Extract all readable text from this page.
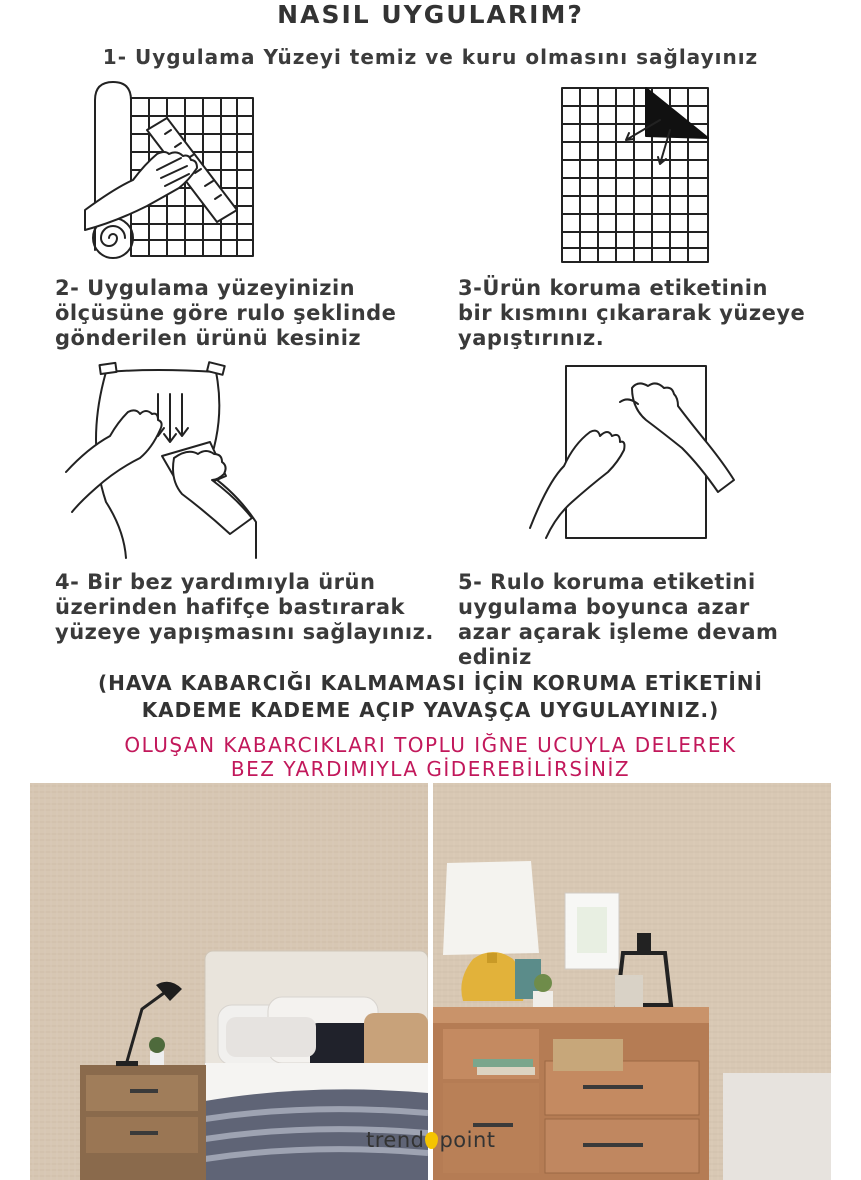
NASIL UYGULARIM?
1- Uygulama Yüzeyi temiz ve kuru olmasını sağlayınız
2- Uygulama yüzeyinizin
ölçüsüne göre rulo şeklinde
gönderilen ürünü kesiniz
3-Ürün koruma etiketinin
bir kısmını çıkararak yüzeye
yapıştırınız.
4- Bir bez yardımıyla ürün
üzerinden hafifçe bastırarak
yüzeye yapışmasını sağlayınız.
5- Rulo koruma etiketini
uygulama boyunca azar
azar açarak işleme devam
ediniz
(HAVA KABARCIĞI KALMAMASI İÇİN KORUMA ETİKETİNİ
KADEME KADEME AÇIP YAVAŞÇA UYGULAYINIZ.)
OLUŞAN KABARCIKLARI TOPLU IĞNE UCUYLA DELEREK
BEZ YARDIMIYLA GİDEREBİLİRSİNİZ
trend point
